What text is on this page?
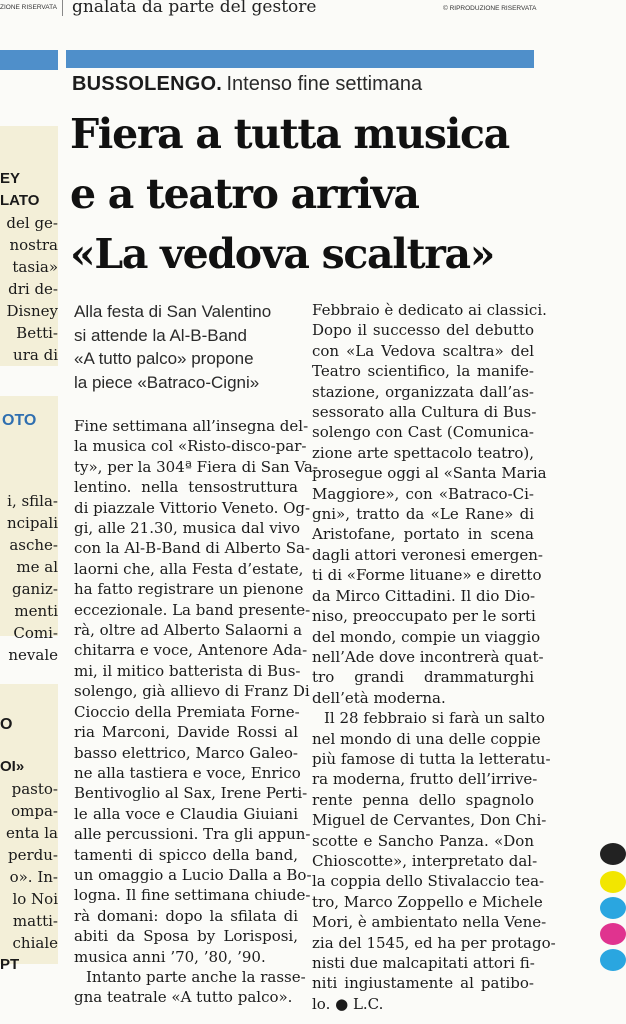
ZIONE RISERVATA gnalata da parte del gestore	© RIPRODUZIONE RISERVATA
EY
LATO
del ge-
nostra
tasia»
dri de-
Disney
Betti-
ura di
OTO
i, sfila-
ncipali
asche-
me al
ganiz-
menti
Comi-
nevale
O
OI»
pasto-
ompa-
enta la
perdu-
o». In-
lo Noi
matti-
chiale
PT
BUSSOLENGO. Intenso fine settimana
Fiera a tutta musica
e a teatro arriva
«La vedova scaltra»
Alla festa di San Valentino
si attende la Al-B-Band
«A tutto palco» propone
la piece «Batraco-Cigni»
Fine settimana all’insegna del-
la musica col «Risto-disco-par-
ty», per la 304ª Fiera di San Va-
lentino. nella tensostruttura
di piazzale Vittorio Veneto. Og-
gi, alle 21.30, musica dal vivo
con la Al-B-Band di Alberto Sa-
laorni che, alla Festa d’estate,
ha fatto registrare un pienone
eccezionale. La band presente-
rà, oltre ad Alberto Salaorni a
chitarra e voce, Antenore Ada-
mi, il mitico batterista di Bus-
solengo, già allievo di Franz Di
Cioccio della Premiata Forne-
ria Marconi, Davide Rossi al
basso elettrico, Marco Galeo-
ne alla tastiera e voce, Enrico
Bentivoglio al Sax, Irene Perti-
le alla voce e Claudia Giuiani
alle percussioni. Tra gli appun-
tamenti di spicco della band,
un omaggio a Lucio Dalla a Bo-
logna. Il fine settimana chiude-
rà domani: dopo la sfilata di
abiti da Sposa by Lorisposi,
musica anni ’70, ’80, ’90.
Intanto parte anche la rasse-
gna teatrale «A tutto palco».
Febbraio è dedicato ai classici.
Dopo il successo del debutto
con «La Vedova scaltra» del
Teatro scientifico, la manife-
stazione, organizzata dall’as-
sessorato alla Cultura di Bus-
solengo con Cast (Comunica-
zione arte spettacolo teatro),
prosegue oggi al «Santa Maria
Maggiore», con «Batraco-Ci-
gni», tratto da «Le Rane» di
Aristofane, portato in scena
dagli attori veronesi emergen-
ti di «Forme lituane» e diretto
da Mirco Cittadini. Il dio Dio-
niso, preoccupato per le sorti
del mondo, compie un viaggio
nell’Ade dove incontrerà quat-
tro grandi drammaturghi
dell’età moderna.
Il 28 febbraio si farà un salto
nel mondo di una delle coppie
più famose di tutta la letteratu-
ra moderna, frutto dell’irrive-
rente penna dello spagnolo
Miguel de Cervantes, Don Chi-
scotte e Sancho Panza. «Don
Chioscotte», interpretato dal-
la coppia dello Stivalaccio tea-
tro, Marco Zoppello e Michele
Mori, è ambientato nella Vene-
zia del 1545, ed ha per protago-
nisti due malcapitati attori fi-
niti ingiustamente al patibo-
lo. ● L.C.
